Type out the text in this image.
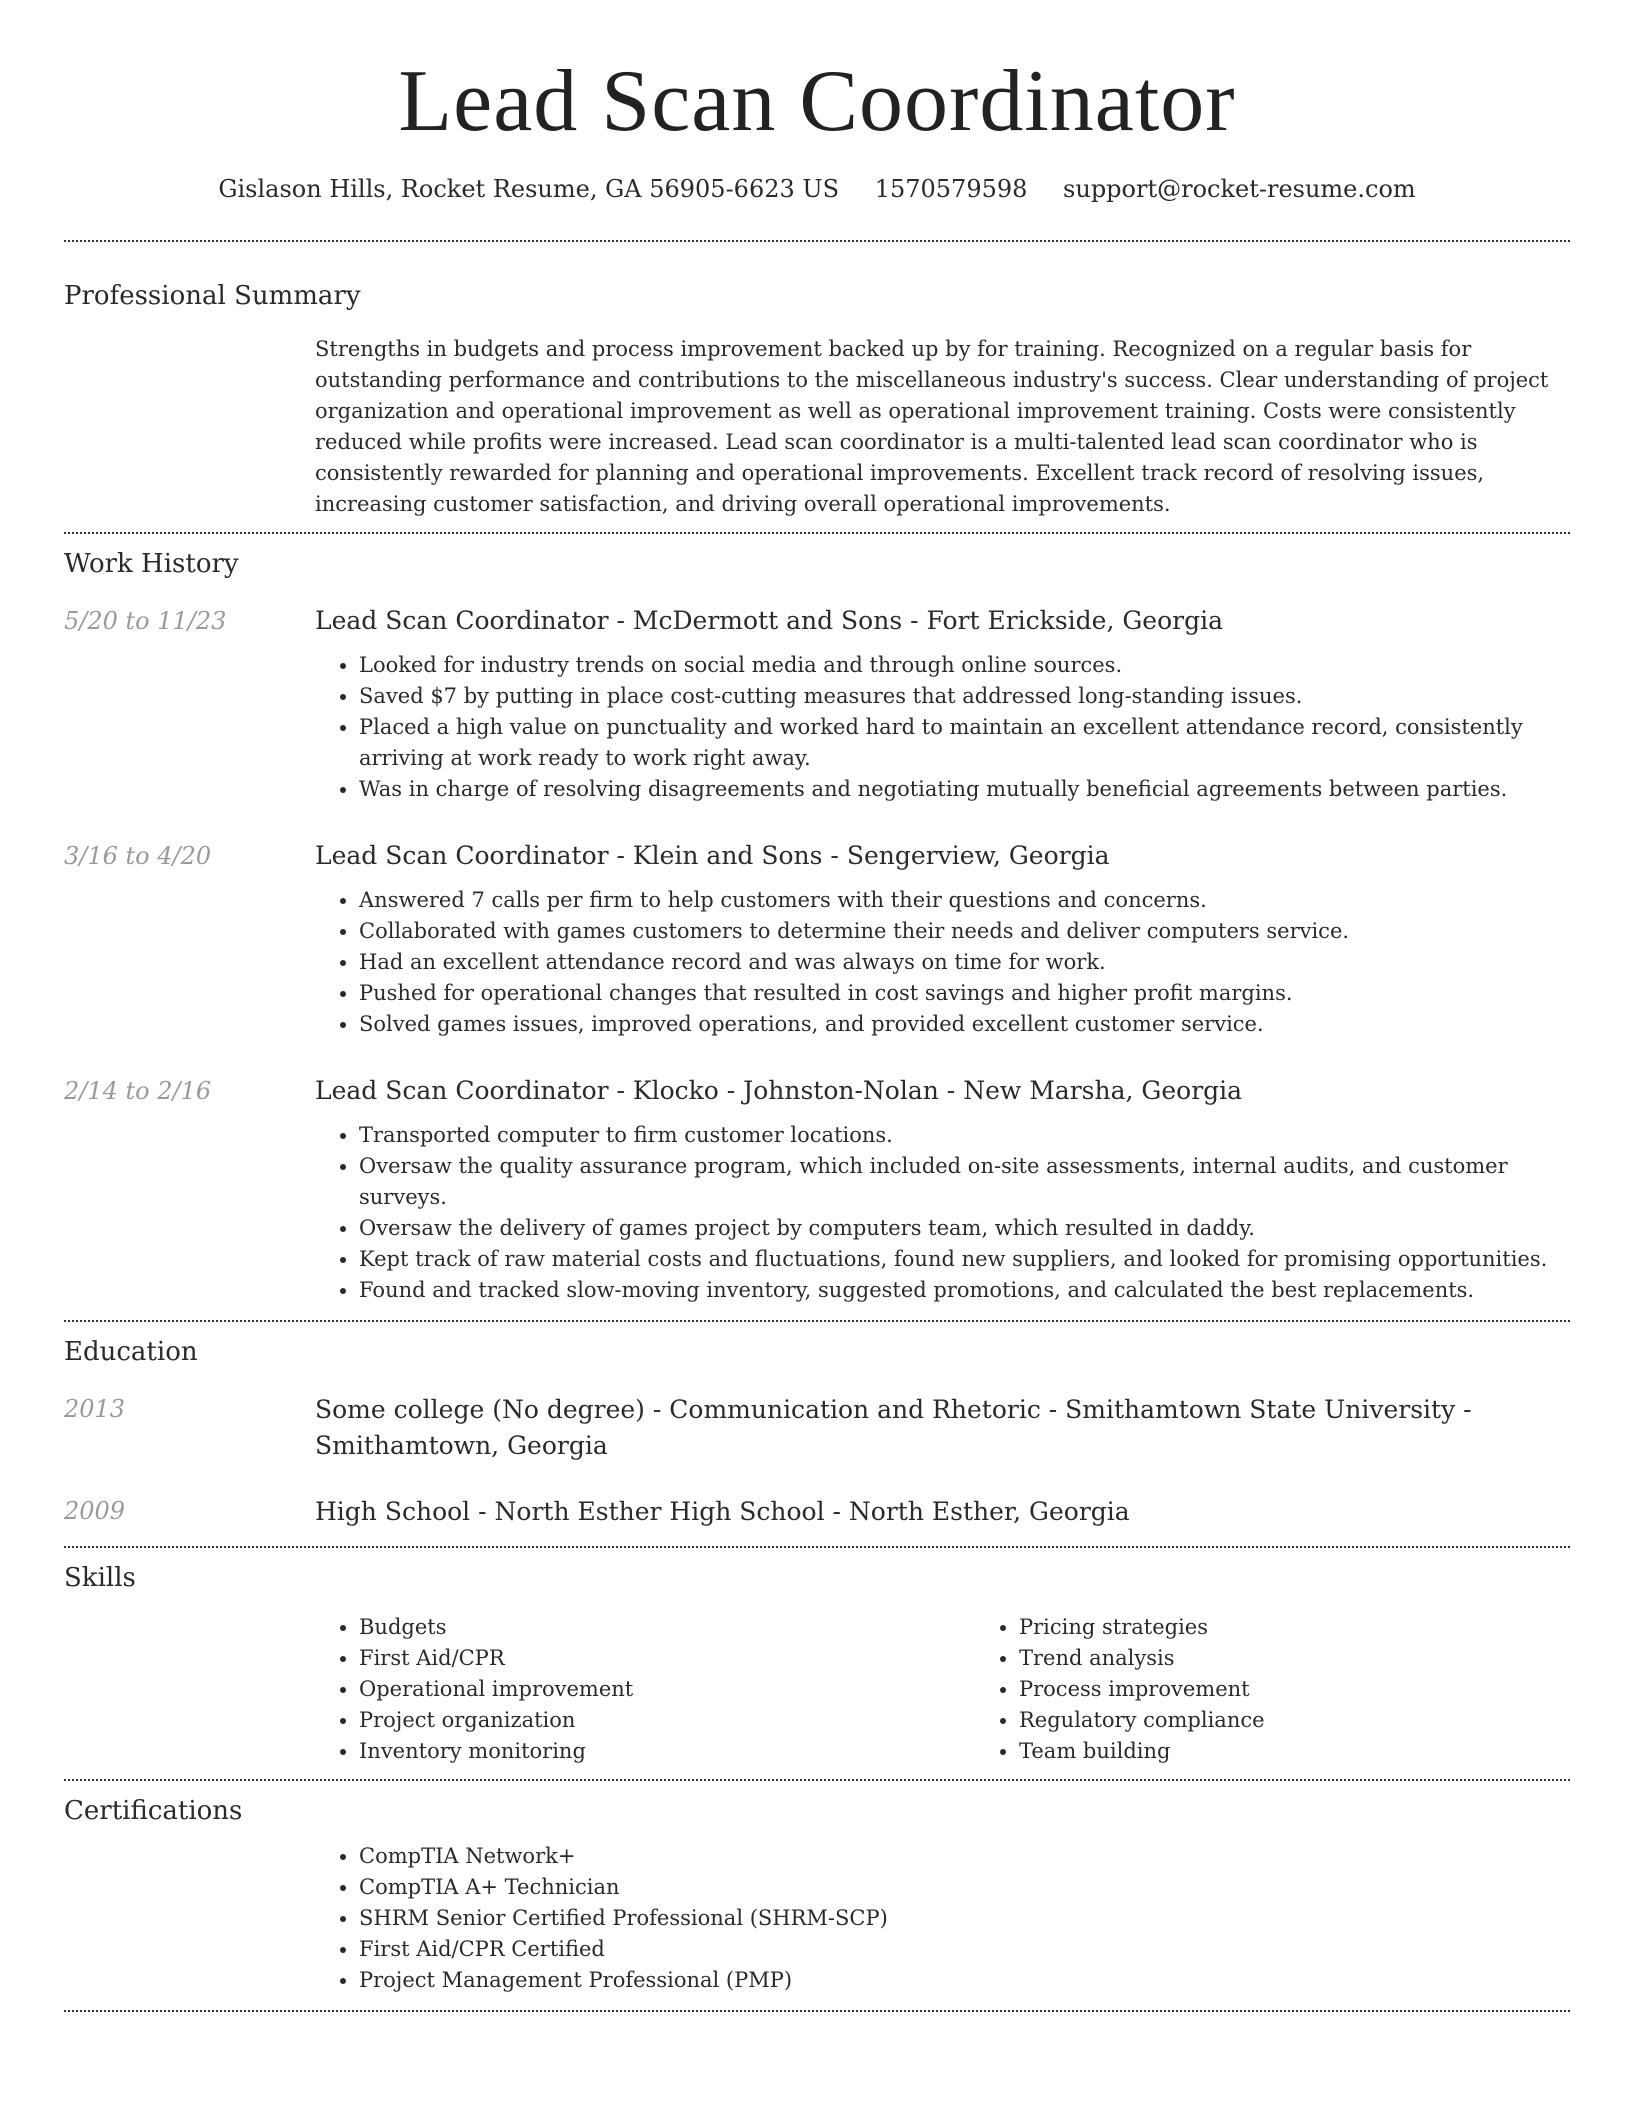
Lead Scan Coordinator
Gislason Hills, Rocket Resume, GA 56905-6623 US 1570579598 support@rocket-resume.com
Professional Summary
Strengths in budgets and process improvement backed up by for training. Recognized on a regular basis for outstanding performance and contributions to the miscellaneous industry's success. Clear understanding of project organization and operational improvement as well as operational improvement training. Costs were consistently reduced while profits were increased. Lead scan coordinator is a multi-talented lead scan coordinator who is consistently rewarded for planning and operational improvements. Excellent track record of resolving issues, increasing customer satisfaction, and driving overall operational improvements.
Work History
5/20 to 11/23	Lead Scan Coordinator - McDermott and Sons - Fort Erickside, Georgia
• Looked for industry trends on social media and through online sources.
• Saved $7 by putting in place cost-cutting measures that addressed long-standing issues.
• Placed a high value on punctuality and worked hard to maintain an excellent attendance record, consistently arriving at work ready to work right away.
• Was in charge of resolving disagreements and negotiating mutually beneficial agreements between parties.
3/16 to 4/20	Lead Scan Coordinator - Klein and Sons - Sengerview, Georgia
• Answered 7 calls per firm to help customers with their questions and concerns.
• Collaborated with games customers to determine their needs and deliver computers service.
• Had an excellent attendance record and was always on time for work.
• Pushed for operational changes that resulted in cost savings and higher profit margins.
• Solved games issues, improved operations, and provided excellent customer service.
2/14 to 2/16	Lead Scan Coordinator - Klocko - Johnston-Nolan - New Marsha, Georgia
• Transported computer to firm customer locations.
• Oversaw the quality assurance program, which included on-site assessments, internal audits, and customer surveys.
• Oversaw the delivery of games project by computers team, which resulted in daddy.
• Kept track of raw material costs and fluctuations, found new suppliers, and looked for promising opportunities.
• Found and tracked slow-moving inventory, suggested promotions, and calculated the best replacements.
Education
2013	Some college (No degree) - Communication and Rhetoric - Smithamtown State University - Smithamtown, Georgia
2009	High School - North Esther High School - North Esther, Georgia
Skills
• Budgets
• First Aid/CPR
• Operational improvement
• Project organization
• Inventory monitoring
• Pricing strategies
• Trend analysis
• Process improvement
• Regulatory compliance
• Team building
Certifications
• CompTIA Network+
• CompTIA A+ Technician
• SHRM Senior Certified Professional (SHRM-SCP)
• First Aid/CPR Certified
• Project Management Professional (PMP)
